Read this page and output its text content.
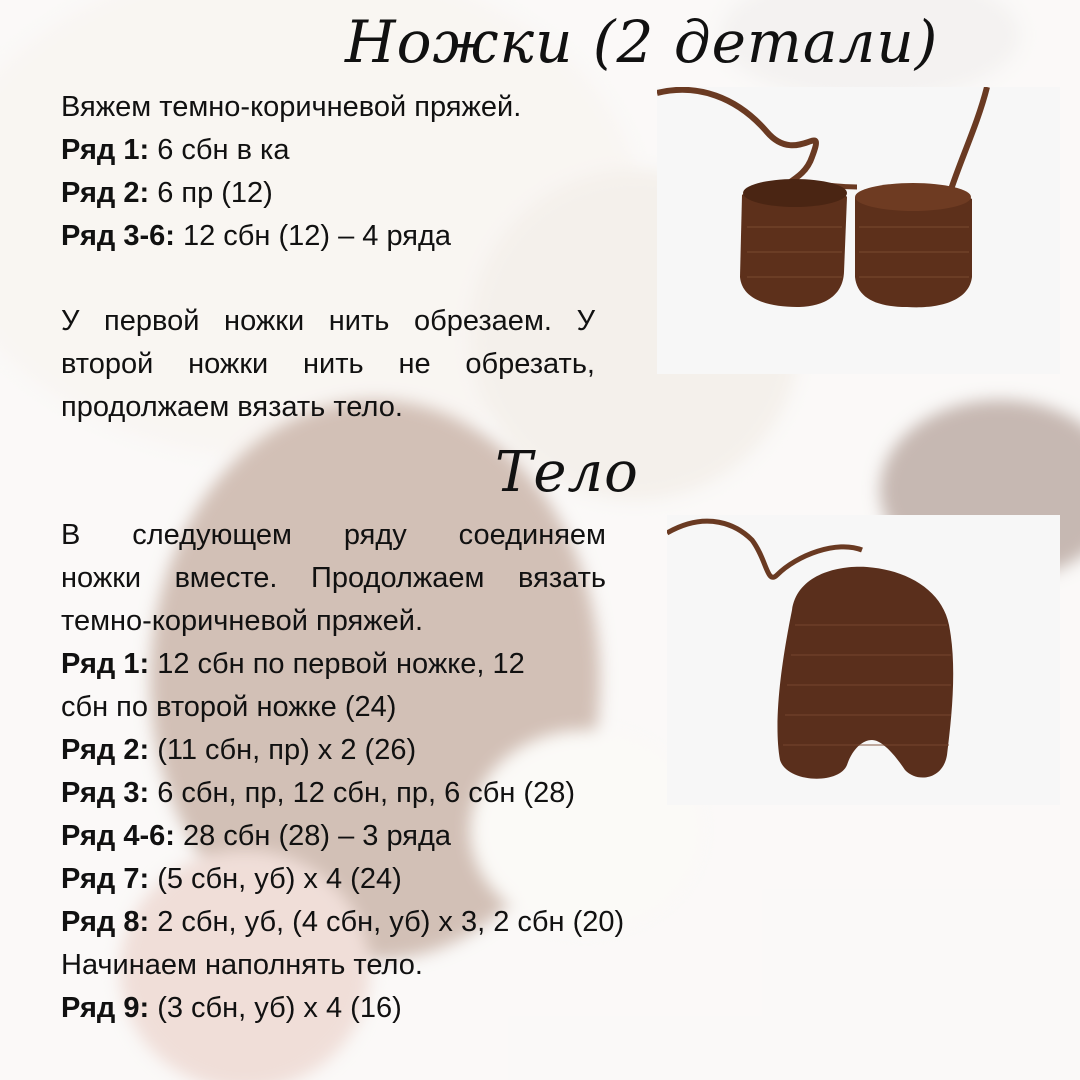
Ножки (2 детали)

Вяжем темно-коричневой пряжей.

Ряд 1: 6 сбн в ка

Ряд 2: 6 пр (12)

Ряд 3-6: 12 сбн (12) – 4 ряда

У первой ножки нить обрезаем. У

второй ножки нить не обрезать,

продолжаем вязать тело.

Тело

В следующем ряду соединяем

ножки вместе. Продолжаем вязать

темно-коричневой пряжей.

Ряд 1: 12 сбн по первой ножке, 12

сбн по второй ножке (24)

Ряд 2: (11 сбн, пр) х 2 (26)

Ряд 3: 6 сбн, пр, 12 сбн, пр, 6 сбн (28)

Ряд 4-6: 28 сбн (28) – 3 ряда

Ряд 7: (5 сбн, уб) х 4 (24)

Ряд 8: 2 сбн, уб, (4 сбн, уб) х 3, 2 сбн (20)

Начинаем наполнять тело.

Ряд 9: (3 сбн, уб) х 4 (16)
